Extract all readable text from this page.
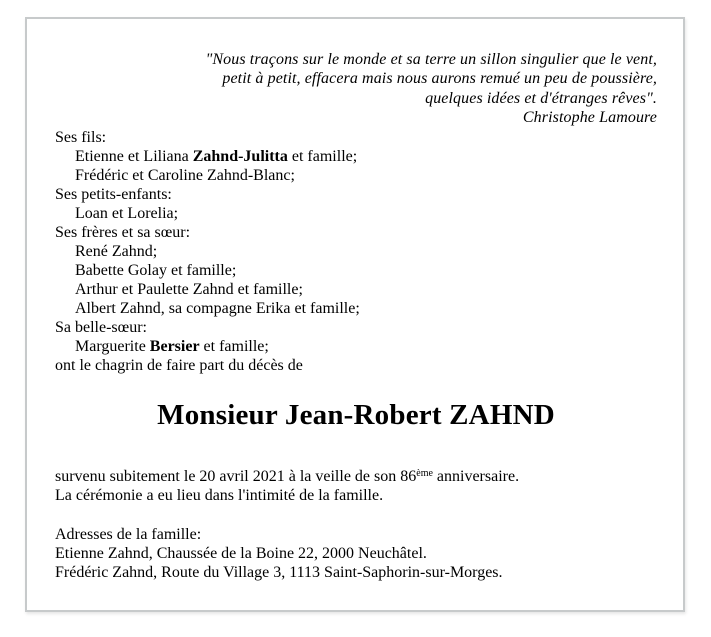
"Nous traçons sur le monde et sa terre un sillon singulier que le vent,
petit à petit, effacera mais nous aurons remué un peu de poussière,
quelques idées et d'étranges rêves".
Christophe Lamoure
Ses fils:
Etienne et Liliana Zahnd-Julitta et famille;
Frédéric et Caroline Zahnd-Blanc;
Ses petits-enfants:
Loan et Lorelia;
Ses frères et sa sœur:
René Zahnd;
Babette Golay et famille;
Arthur et Paulette Zahnd et famille;
Albert Zahnd, sa compagne Erika et famille;
Sa belle-sœur:
Marguerite Bersier et famille;
ont le chagrin de faire part du décès de
Monsieur Jean-Robert ZAHND
survenu subitement le 20 avril 2021 à la veille de son 86ème anniversaire.
La cérémonie a eu lieu dans l'intimité de la famille.
Adresses de la famille:
Etienne Zahnd, Chaussée de la Boine 22, 2000 Neuchâtel.
Frédéric Zahnd, Route du Village 3, 1113 Saint-Saphorin-sur-Morges.
